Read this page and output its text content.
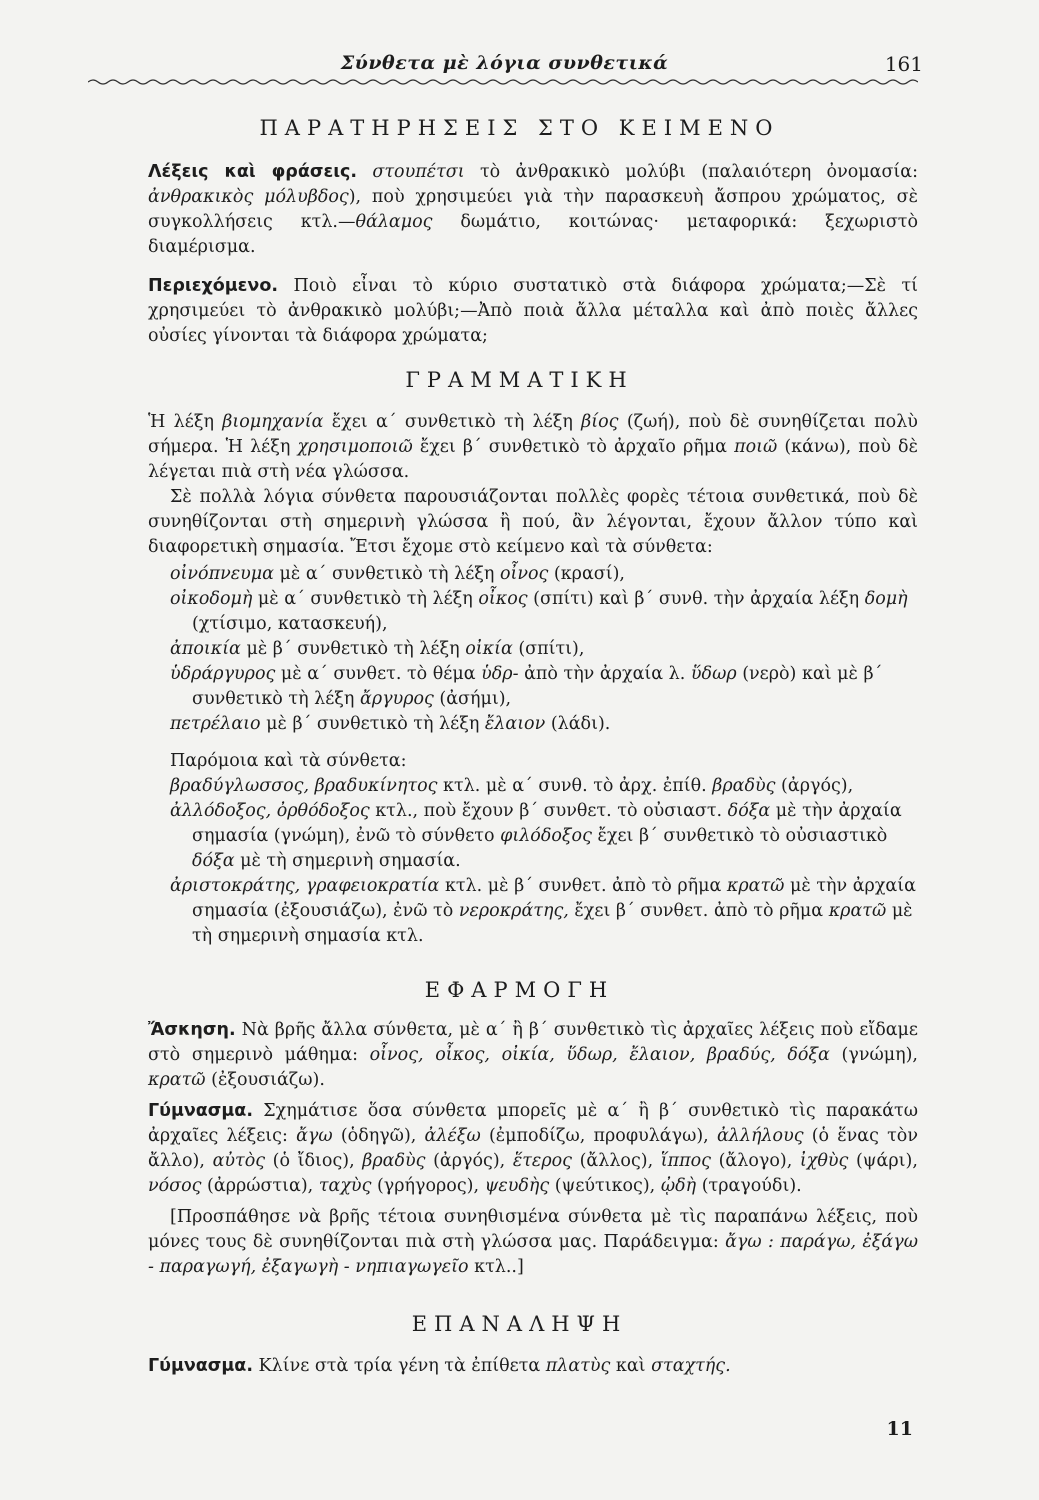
Σύνθετα μὲ λόγια συνθετικά	161
ΠΑΡΑΤΗΡΗΣΕΙΣ ΣΤΟ ΚΕΙΜΕΝΟ

Λέξεις καὶ φράσεις. στουπέτσι τὸ ἀνθρακικὸ μολύβι (παλαιότερη ὀνομασία: ἀνθρακικὸς μόλυβδος), ποὺ χρησιμεύει γιὰ τὴν παρασκευὴ ἄσπρου χρώματος, σὲ συγκολλήσεις κτλ.—θάλαμος δωμάτιο, κοιτώνας· μεταφορικά: ξεχωριστὸ διαμέρισμα.

Περιεχόμενο. Ποιὸ εἶναι τὸ κύριο συστατικὸ στὰ διάφορα χρώματα;—Σὲ τί χρησιμεύει τὸ ἀνθρακικὸ μολύβι;—Ἀπὸ ποιὰ ἄλλα μέταλλα καὶ ἀπὸ ποιὲς ἄλλες οὐσίες γίνονται τὰ διάφορα χρώματα;

ΓΡΑΜΜΑΤΙΚΗ

Ἡ λέξη βιομηχανία ἔχει α΄ συνθετικὸ τὴ λέξη βίος (ζωή), ποὺ δὲ συνηθίζεται πολὺ σήμερα. Ἡ λέξη χρησιμοποιῶ ἔχει β΄ συνθετικὸ τὸ ἀρχαῖο ρῆμα ποιῶ (κάνω), ποὺ δὲ λέγεται πιὰ στὴ νέα γλώσσα.

Σὲ πολλὰ λόγια σύνθετα παρουσιάζονται πολλὲς φορὲς τέτοια συνθετικά, ποὺ δὲ συνηθίζονται στὴ σημερινὴ γλώσσα ἢ πού, ἂν λέγονται, ἔχουν ἄλλον τύπο καὶ διαφορετικὴ σημασία. Ἔτσι ἔχομε στὸ κείμενο καὶ τὰ σύνθετα:

οἰνόπνευμα μὲ α΄ συνθετικὸ τὴ λέξη οἶνος (κρασί),

οἰκοδομὴ μὲ α΄ συνθετικὸ τὴ λέξη οἶκος (σπίτι) καὶ β΄ συνθ. τὴν ἀρχαία λέξη δομὴ (χτίσιμο, κατασκευή),

ἀποικία μὲ β΄ συνθετικὸ τὴ λέξη οἰκία (σπίτι),

ὑδράργυρος μὲ α΄ συνθετ. τὸ θέμα ὑδρ- ἀπὸ τὴν ἀρχαία λ. ὕδωρ (νερὸ) καὶ μὲ β΄ συνθετικὸ τὴ λέξη ἄργυρος (ἀσήμι),

πετρέλαιο μὲ β΄ συνθετικὸ τὴ λέξη ἔλαιον (λάδι).

Παρόμοια καὶ τὰ σύνθετα:

βραδύγλωσσος, βραδυκίνητος κτλ. μὲ α΄ συνθ. τὸ ἀρχ. ἐπίθ. βραδὺς (ἀργός),

ἀλλόδοξος, ὀρθόδοξος κτλ., ποὺ ἔχουν β΄ συνθετ. τὸ οὐσιαστ. δόξα μὲ τὴν ἀρχαία σημασία (γνώμη), ἐνῶ τὸ σύνθετο φιλόδοξος ἔχει β΄ συνθετικὸ τὸ οὐσιαστικὸ δόξα μὲ τὴ σημερινὴ σημασία.

ἀριστοκράτης, γραφειοκρατία κτλ. μὲ β΄ συνθετ. ἀπὸ τὸ ρῆμα κρατῶ μὲ τὴν ἀρχαία σημασία (ἐξουσιάζω), ἐνῶ τὸ νεροκράτης, ἔχει β΄ συνθετ. ἀπὸ τὸ ρῆμα κρατῶ μὲ τὴ σημερινὴ σημασία κτλ.

ΕΦΑΡΜΟΓΗ

Ἄσκηση. Νὰ βρῆς ἄλλα σύνθετα, μὲ α΄ ἢ β΄ συνθετικὸ τὶς ἀρχαῖες λέξεις ποὺ εἴδαμε στὸ σημερινὸ μάθημα: οἶνος, οἶκος, οἰκία, ὕδωρ, ἔλαιον, βραδύς, δόξα (γνώμη), κρατῶ (ἐξουσιάζω).

Γύμνασμα. Σχημάτισε ὅσα σύνθετα μπορεῖς μὲ α΄ ἢ β΄ συνθετικὸ τὶς παρακάτω ἀρχαῖες λέξεις: ἄγω (ὁδηγῶ), ἀλέξω (ἐμποδίζω, προφυλάγω), ἀλλήλους (ὁ ἕνας τὸν ἄλλο), αὐτὸς (ὁ ἴδιος), βραδὺς (ἀργός), ἕτερος (ἄλλος), ἵππος (ἄλογο), ἰχθὺς (ψάρι), νόσος (ἀρρώστια), ταχὺς (γρήγορος), ψευδὴς (ψεύτικος), ᾠδὴ (τραγούδι).

[Προσπάθησε νὰ βρῆς τέτοια συνηθισμένα σύνθετα μὲ τὶς παραπάνω λέξεις, ποὺ μόνες τους δὲ συνηθίζονται πιὰ στὴ γλώσσα μας. Παράδειγμα: ἄγω : παράγω, ἐξάγω - παραγωγή, ἐξαγωγὴ - νηπιαγωγεῖο κτλ..]

ΕΠΑΝΑΛΗΨΗ

Γύμνασμα. Κλίνε στὰ τρία γένη τὰ ἐπίθετα πλατὺς καὶ σταχτής.

11
